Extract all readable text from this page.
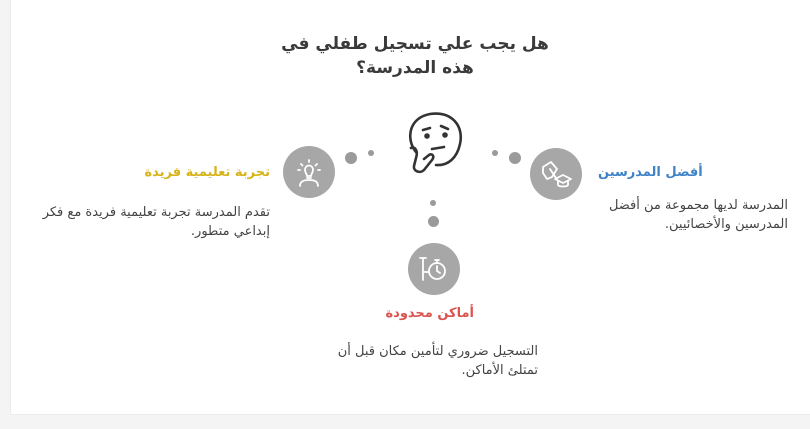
هل يجب علي تسجيل طفلي في هذه المدرسة؟
تجربة تعليمية فريدة
تقدم المدرسة تجربة تعليمية فريدة مع فكر إبداعي متطور.
أماكن محدودة
التسجيل ضروري لتأمين مكان قبل أن تمتلئ الأماكن.
أفضل المدرسين
المدرسة لديها مجموعة من أفضل المدرسين والأخصائيين.
